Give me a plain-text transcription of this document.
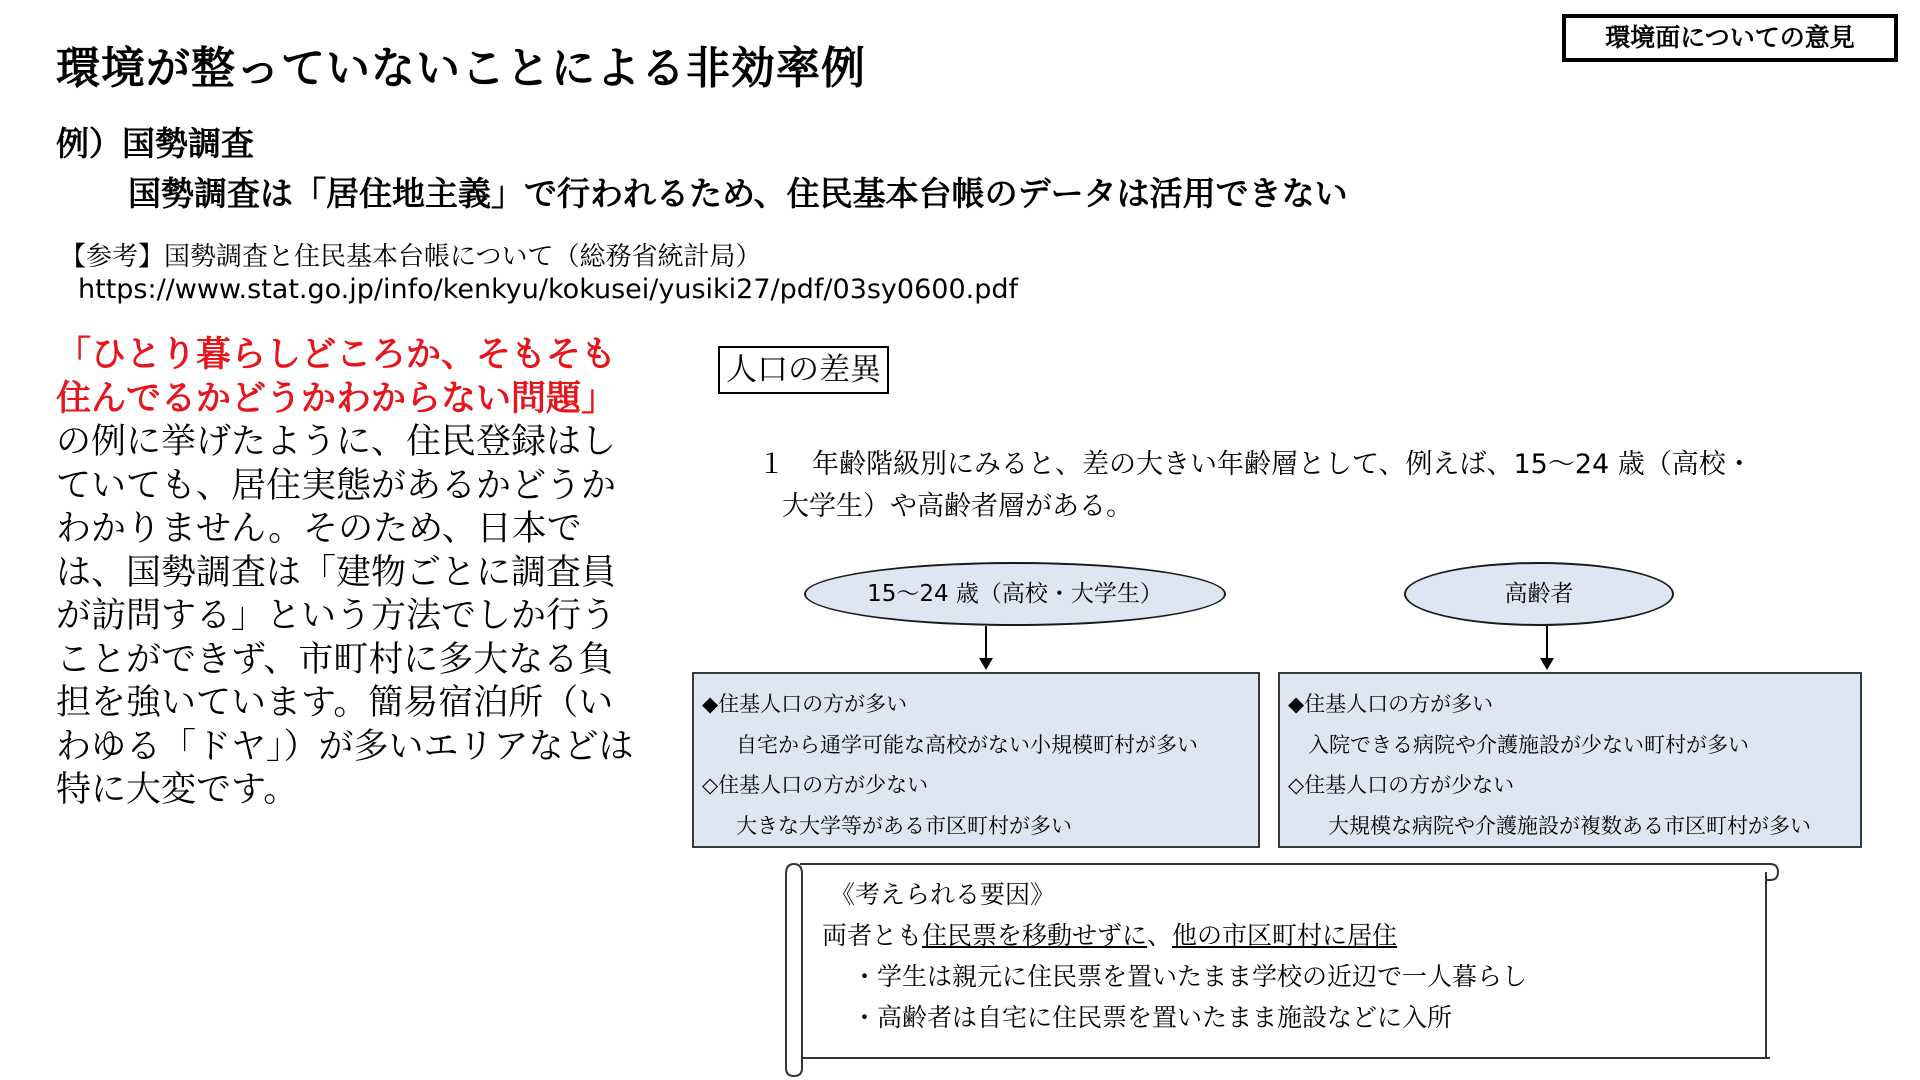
環境面についての意見
環境が整っていないことによる非効率例
例）国勢調査
国勢調査は「居住地主義」で行われるため、住民基本台帳のデータは活用できない
【参考】国勢調査と住民基本台帳について（総務省統計局）
https://www.stat.go.jp/info/kenkyu/kokusei/yusiki27/pdf/03sy0600.pdf
「ひとり暮らしどころか、そもそも住んでるかどうかわからない問題」の例に挙げたように、住民登録はしていても、居住実態があるかどうかわかりません。そのため、日本では、国勢調査は「建物ごとに調査員が訪問する」という方法でしか行うことができず、市町村に多大なる負担を強いています。簡易宿泊所（いわゆる「ドヤ」）が多いエリアなどは特に大変です。
人口の差異
１　年齢階級別にみると、差の大きい年齢層として、例えば、15～24 歳（高校・
大学生）や高齢者層がある。
15～24 歳（高校・大学生）
◆住基人口の方が多い
自宅から通学可能な高校がない小規模町村が多い
◇住基人口の方が少ない
大きな大学等がある市区町村が多い
高齢者
◆住基人口の方が多い
入院できる病院や介護施設が少ない町村が多い
◇住基人口の方が少ない
大規模な病院や介護施設が複数ある市区町村が多い
《考えられる要因》
両者とも住民票を移動せずに、他の市区町村に居住
・学生は親元に住民票を置いたまま学校の近辺で一人暮らし
・高齢者は自宅に住民票を置いたまま施設などに入所
